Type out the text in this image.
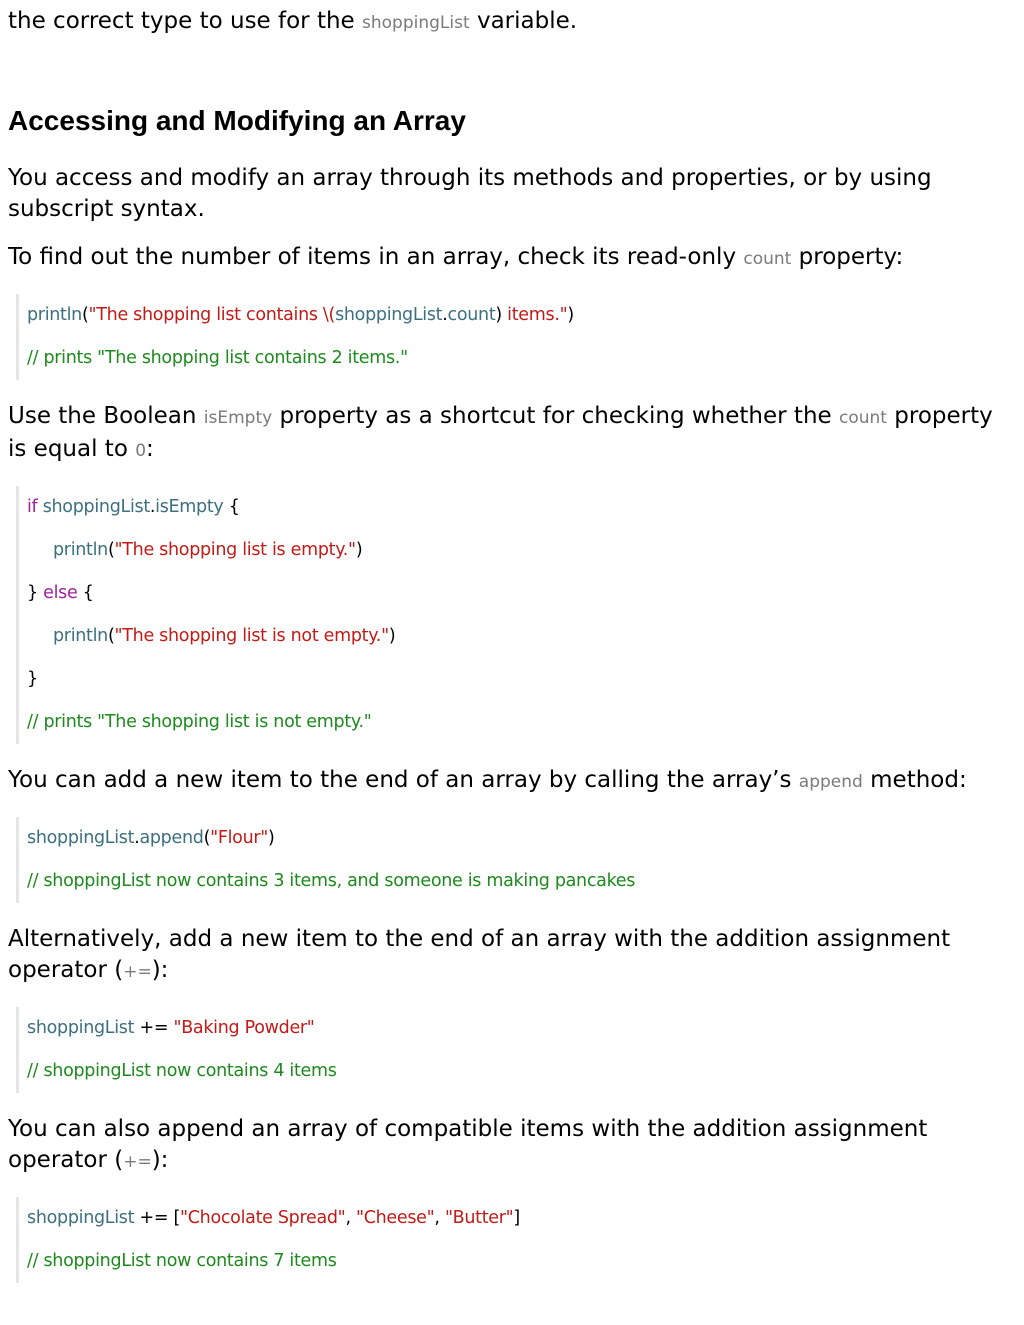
the correct type to use for the shoppingList variable.

Accessing and Modifying an Array

You access and modify an array through its methods and properties, or by using subscript syntax.

To find out the number of items in an array, check its read-only count property:

println("The shopping list contains \(shoppingList.count) items.")
// prints "The shopping list contains 2 items."

Use the Boolean isEmpty property as a shortcut for checking whether the count property is equal to 0:

if shoppingList.isEmpty {
println("The shopping list is empty.")
} else {
println("The shopping list is not empty.")
}
// prints "The shopping list is not empty."

You can add a new item to the end of an array by calling the array’s append method:

shoppingList.append("Flour")
// shoppingList now contains 3 items, and someone is making pancakes

Alternatively, add a new item to the end of an array with the addition assignment operator (+=):

shoppingList += "Baking Powder"
// shoppingList now contains 4 items

You can also append an array of compatible items with the addition assignment operator (+=):

shoppingList += ["Chocolate Spread", "Cheese", "Butter"]
// shoppingList now contains 7 items
